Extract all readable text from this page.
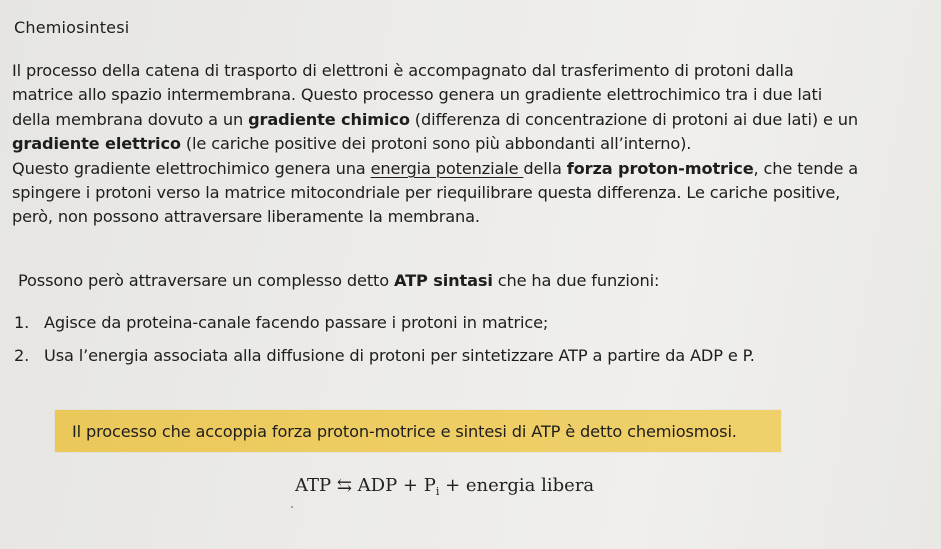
Chemiosintesi
Il processo della catena di trasporto di elettroni è accompagnato dal trasferimento di protoni dalla
matrice allo spazio intermembrana. Questo processo genera un gradiente elettrochimico tra i due lati
della membrana dovuto a un gradiente chimico (differenza di concentrazione di protoni ai due lati) e un
gradiente elettrico (le cariche positive dei protoni sono più abbondanti all’interno).
Questo gradiente elettrochimico genera una energia potenziale della forza proton-motrice, che tende a
spingere i protoni verso la matrice mitocondriale per riequilibrare questa differenza. Le cariche positive,
però, non possono attraversare liberamente la membrana.
Possono però attraversare un complesso detto ATP sintasi che ha due funzioni:
1. Agisce da proteina-canale facendo passare i protoni in matrice;
2. Usa l’energia associata alla diffusione di protoni per sintetizzare ATP a partire da ADP e P.
Il processo che accoppia forza proton-motrice e sintesi di ATP è detto chemiosmosi.
ATP ⇆ ADP + $P_i$ + energia libera
